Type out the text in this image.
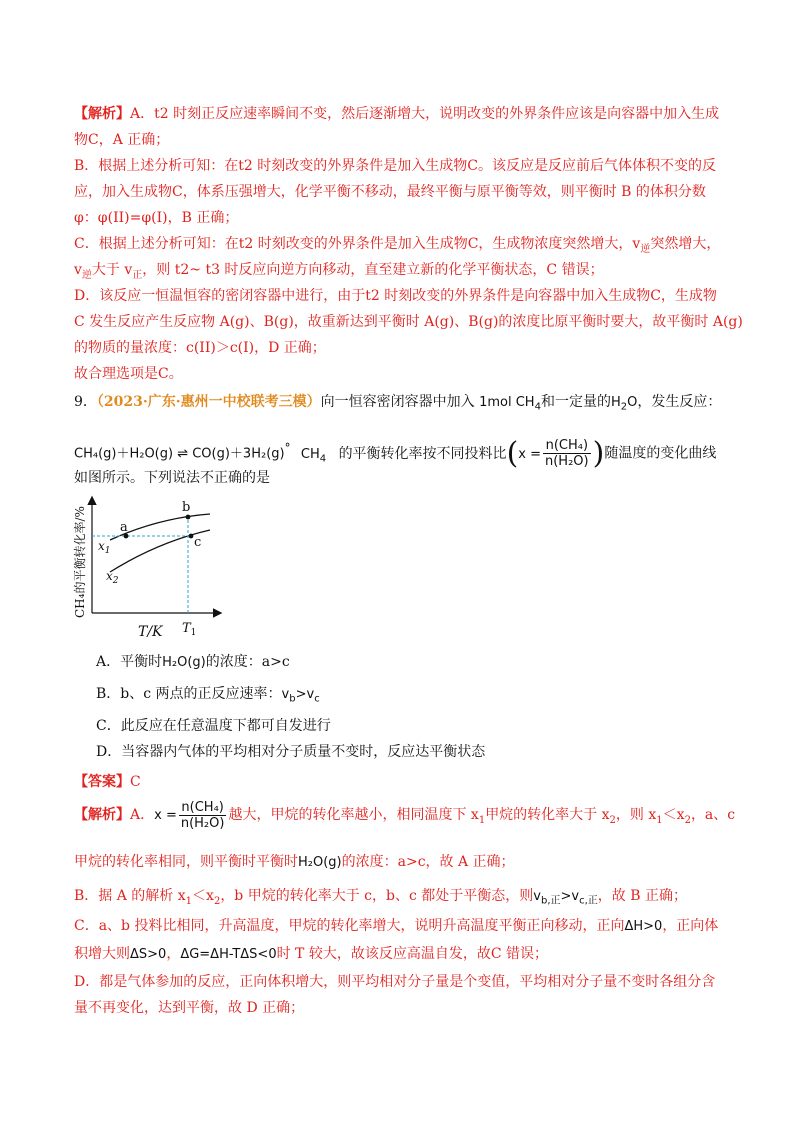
【解析】A．t2 时刻正反应速率瞬间不变，然后逐渐增大，说明改变的外界条件应该是向容器中加入生成
物C，A 正确；
B．根据上述分析可知：在t2 时刻改变的外界条件是加入生成物C。该反应是反应前后气体体积不变的反
应，加入生成物C，体系压强增大，化学平衡不移动，最终平衡与原平衡等效，则平衡时 B 的体积分数
φ：φ(II)=φ(I)，B 正确；
C．根据上述分析可知：在t2 时刻改变的外界条件是加入生成物C，生成物浓度突然增大，$v_逆$突然增大，
$v_逆$大于 $v_正$，则 t2~ t3 时反应向逆方向移动，直至建立新的化学平衡状态，C 错误；
D．该反应一恒温恒容的密闭容器中进行，由于t2 时刻改变的外界条件是向容器中加入生成物C，生成物
C 发生反应产生反应物 A(g)、B(g)，故重新达到平衡时 A(g)、B(g)的浓度比原平衡时要大，故平衡时 A(g)
的物质的量浓度：c(II)＞c(I)，D 正确；
故合理选项是C。
9．（2023·广东·惠州一中校联考三模）向一恒容密闭容器中加入 1mol $CH_4$和一定量的$H_2O$，发生反应：
CH₄(g)＋H₂O(g) ⇌ CO(g)＋3H₂(g)° $CH_4$ 的平衡转化率按不同投料比($x = \frac{\text{n(CH₄)}}{\text{n(H₂O)}}$ )随温度的变化曲线
如图所示。下列说法不正确的是
CH₄的平衡转化率/%	a
b
c
$x_1$
$x_2$
$T_1$
T/K
A．平衡时H₂O(g)的浓度：a>c
B．b、c 两点的正反应速率：$v_b>v_c$
C．此反应在任意温度下都可自发进行
D．当容器内气体的平均相对分子质量不变时，反应达平衡状态
【答案】C
【解析】A．$x = \frac{\text{n(CH₄)}}{\text{n(H₂O)}}$ 越大，甲烷的转化率越小，相同温度下 $x_1$甲烷的转化率大于 $x_2$，则 $x_1<x_2$，a、c
甲烷的转化率相同，则平衡时平衡时H₂O(g)的浓度：a>c，故 A 正确；
B．据 A 的解析 $x_1<x_2$，b 甲烷的转化率大于 c，b、c 都处于平衡态，则$v_{b,正}>v_{c,正}$，故 B 正确；
C．a、b 投料比相同，升高温度，甲烷的转化率增大，说明升高温度平衡正向移动，正向ΔH>0，正向体
积增大则ΔS>0，ΔG=ΔH-TΔS<0时 T 较大，故该反应高温自发，故C 错误；
D．都是气体参加的反应，正向体积增大，则平均相对分子量是个变值，平均相对分子量不变时各组分含
量不再变化，达到平衡，故 D 正确；
